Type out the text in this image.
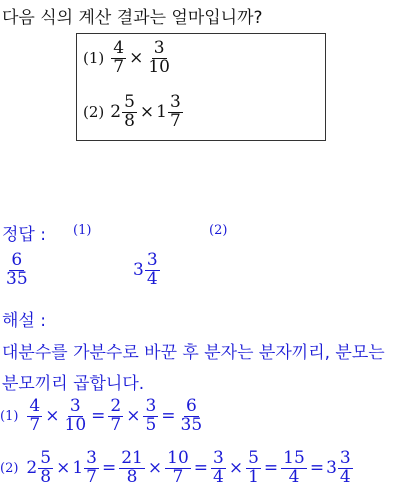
다음 식의 계산 결과는 얼마입니까?
$(1) \frac{4}{7} \times \frac{3}{10}$
(2) $2 \frac{5}{8} \times 1 \frac{3}{7}$
정답 : (1)	(2)
$\frac{6}{35}$	$3 \frac{3}{4}$
해설 :
대분수를 가분수로 바꾼 후 분자는 분자끼리, 분모는
분모끼리 곱합니다.
$(1) \frac{4}{7} \times \frac{3}{10} = \frac{2}{7} \times \frac{3}{5} = \frac{6}{35}$
(2) $2 \frac{5}{8} \times 1 \frac{3}{7} = \frac{21}{8} \times \frac{10}{7} = \frac{3}{4} \times \frac{5}{1} = \frac{15}{4} = 3 \frac{3}{4}$
